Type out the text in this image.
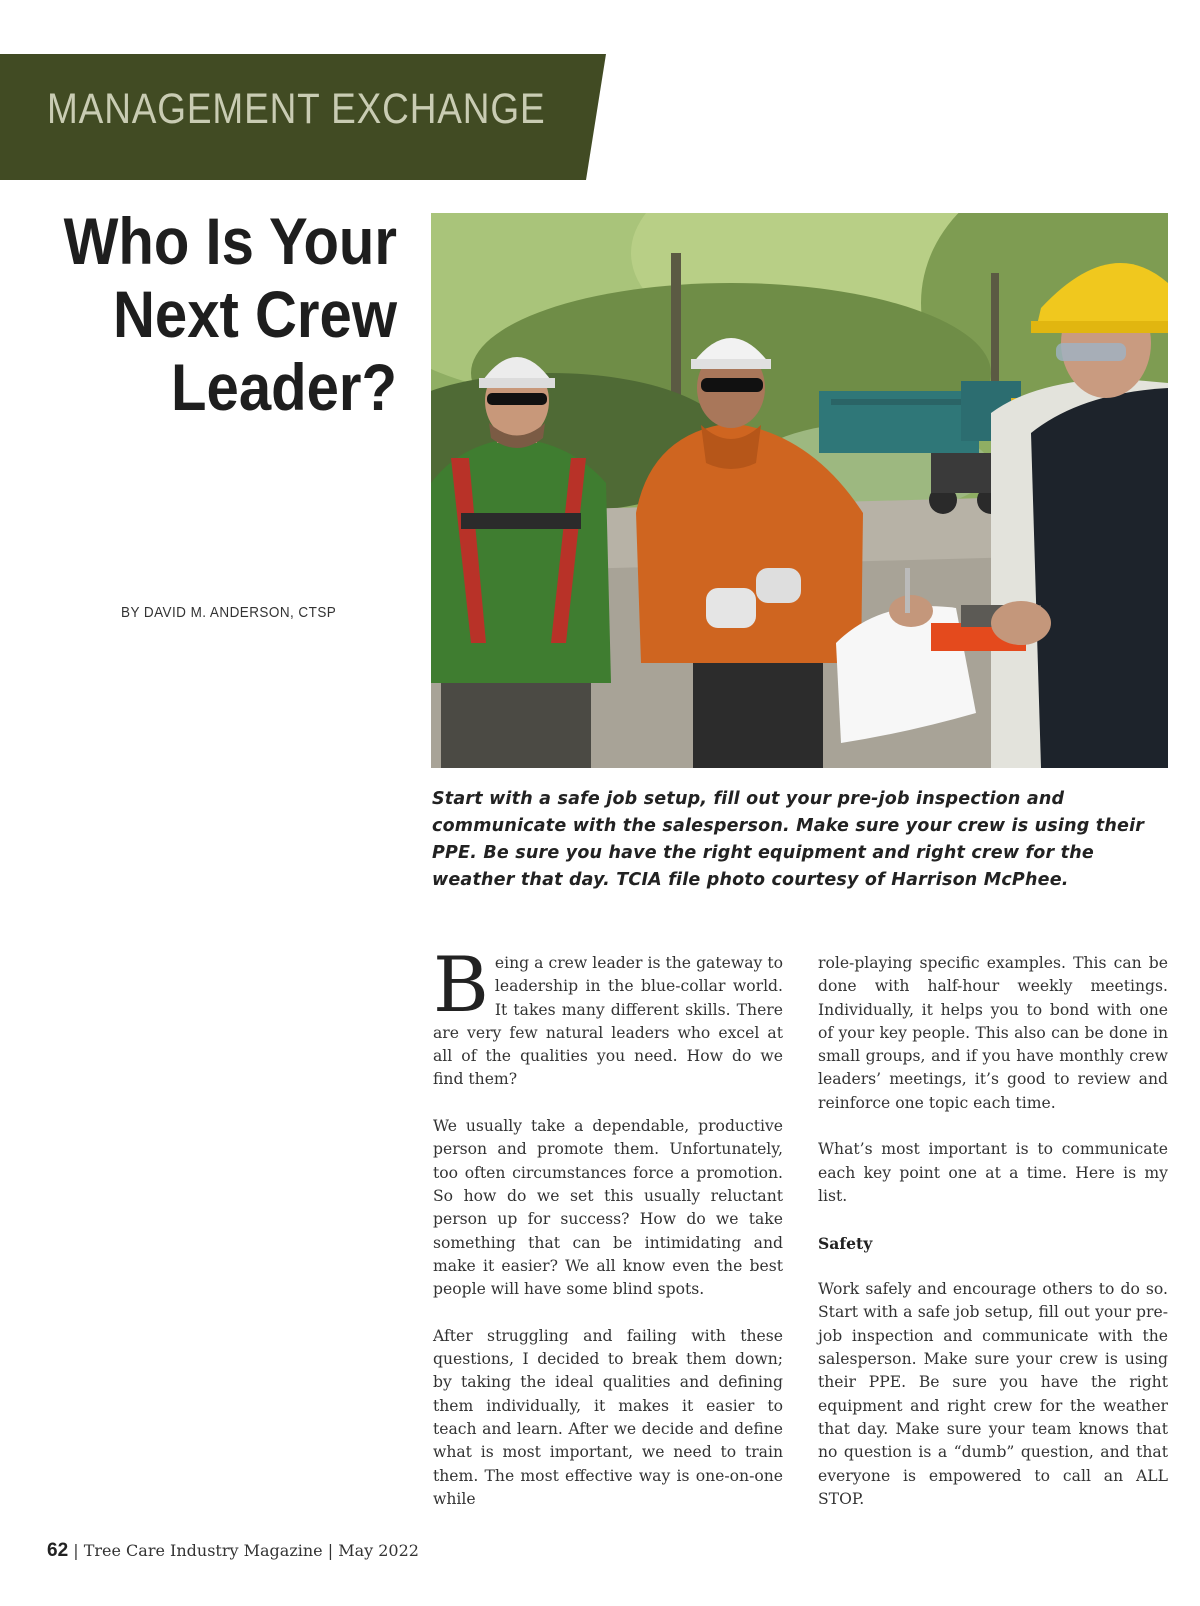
MANAGEMENT EXCHANGE
Who Is Your
Next Crew
Leader?
BY DAVID M. ANDERSON, CTSP
Start with a safe job setup, fill out your pre-job inspection and communicate with the salesperson. Make sure your crew is using their PPE. Be sure you have the right equipment and right crew for the weather that day. TCIA file photo courtesy of Harrison McPhee.

Being a crew leader is the gateway to leadership in the blue-collar world. It takes many different skills. There are very few natural leaders who excel at all of the qualities you need. How do we find them?

We usually take a dependable, productive person and promote them. Unfortunately, too often circumstances force a promotion. So how do we set this usually reluctant person up for success? How do we take something that can be intimidating and make it easier? We all know even the best people will have some blind spots.

After struggling and failing with these questions, I decided to break them down; by taking the ideal qualities and defining them individually, it makes it easier to teach and learn. After we decide and define what is most important, we need to train them. The most effective way is one-on-one while

role-playing specific examples. This can be done with half-hour weekly meetings. Individually, it helps you to bond with one of your key people. This also can be done in small groups, and if you have monthly crew leaders’ meetings, it’s good to review and reinforce one topic each time.

What’s most important is to communicate each key point one at a time. Here is my list.

Safety

Work safely and encourage others to do so. Start with a safe job setup, fill out your pre-job inspection and communicate with the salesperson. Make sure your crew is using their PPE. Be sure you have the right equipment and right crew for the weather that day. Make sure your team knows that no question is a “dumb” question, and that everyone is empowered to call an ALL STOP.

62 | Tree Care Industry Magazine | May 2022
